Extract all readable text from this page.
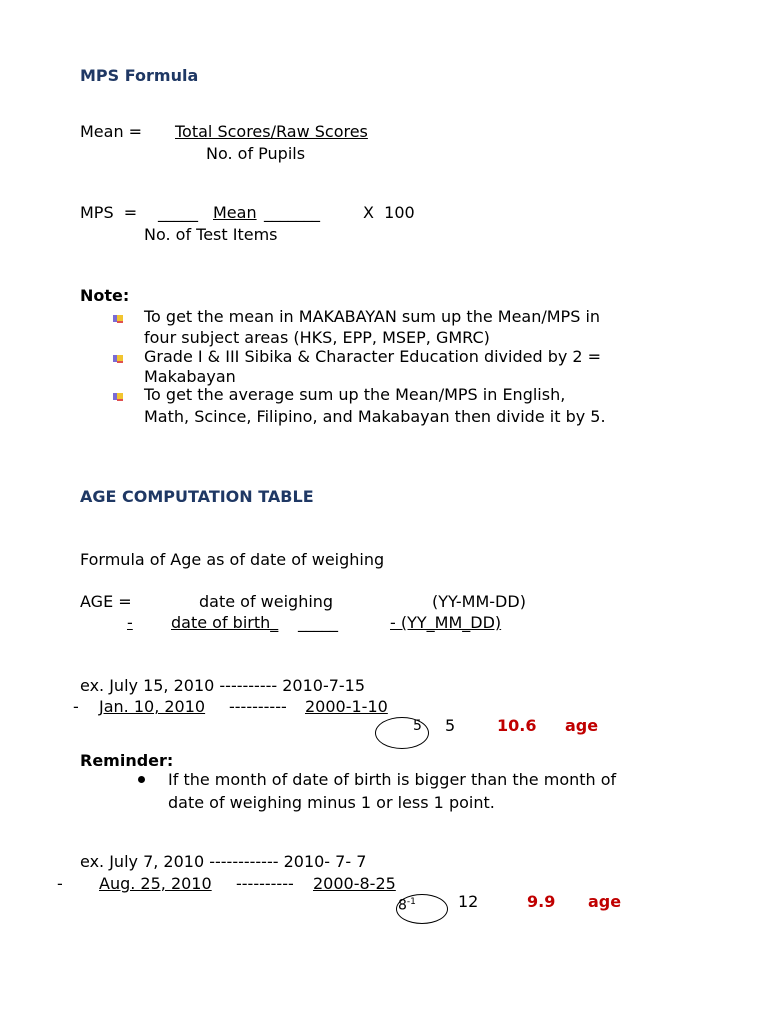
MPS Formula
Mean = Total Scores/Raw Scores
No. of Pupils
MPS  = _____ Mean _______	X  100
No. of Test Items
Note:
To get the mean in MAKABAYAN sum up the Mean/MPS in
four subject areas (HKS, EPP, MSEP, GMRC)
Grade I & III Sibika & Character Education divided by 2 =
Makabayan
To get the average sum up the Mean/MPS in English,
Math, Scince, Filipino, and Makabayan then divide it by 5.
AGE COMPUTATION TABLE
Formula of Age as of date of weighing
AGE =	date of weighing	(YY-MM-DD)
- date of birth_ _____	- (YY_MM_DD)
ex. July 15, 2010 ---------- 2010-7-15
- Jan. 10, 2010 ---------- 2000-1-10
5 5	10.6 age
Reminder:
If the month of date of birth is bigger than the month of
date of weighing minus 1 or less 1 point.
ex. July 7, 2010 ------------ 2010- 7- 7
- Aug. 25, 2010 ---------- 2000-8-25
$8^{-1}$	12	9.9 age
